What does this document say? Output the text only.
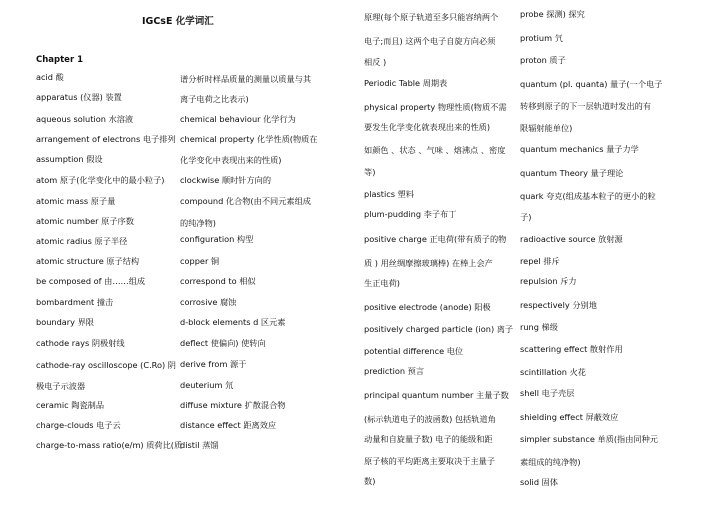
IGCsE 化学词汇
Chapter 1
acid 酸
apparatus (仪器) 装置
aqueous solution 水溶液
arrangement of electrons 电子排列
assumption 假设
atom 原子(化学变化中的最小粒子)
atomic mass 原子量
atomic number 原子序数
atomic radius 原子半径
atomic structure 原子结构
be composed of 由……组成
bombardment 撞击
boundary 界限
cathode rays 阴极射线
cathode-ray oscilloscope (C.Ro) 阴
极电子示波器
ceramic 陶瓷制品
charge-clouds 电子云
charge-to-mass ratio(e/m) 质荷比(质
谱分析时样品质量的测量以质量与其
离子电荷之比表示)
chemical behaviour 化学行为
chemical property 化学性质(物质在
化学变化中表现出来的性质)
clockwise 顺时针方向的
compound 化合物(由不同元素组成
的纯净物)
configuration 构型
copper 铜
correspond to 相似
corrosive 腐蚀
d-block elements d 区元素
deflect 使偏向) 使转向
derive from 源于
deuterium 氘
diffuse mixture 扩散混合物
distance effect 距离效应
distil 蒸馏
原理(每个原子轨道至多只能容纳两个
电子;而且) 这两个电子自旋方向必须
相反 )
Periodic Table 周期表
physical property 物理性质(物质不需
要发生化学变化就表现出来的性质)
如颜色 、状态 、气味 、熔沸点 、密度
等)
plastics 塑料
plum-pudding 李子布丁
positive charge 正电荷(带有质子的物
质 ) 用丝绸摩擦玻璃棒) 在棒上会产
生正电荷)
positive electrode (anode) 阳极
positively charged particle (ion) 离子
potential difference 电位
prediction 预言
principal quantum number 主量子数
(标示轨道电子的波函数) 包括轨道角
动量和自旋量子数) 电子的能级和距
原子核的平均距离主要取决于主量子
数)
probe 探测) 探究
protium 氕
proton 质子
quantum (pl. quanta) 量子(一个电子
转移到原子的下一层轨道时发出的有
限辐射能单位)
quantum mechanics 量子力学
quantum Theory 量子理论
quark 夸克(组成基本粒子的更小的粒
子)
radioactive source 放射源
repel 排斥
repulsion 斥力
respectively 分别地
rung 梯级
scattering effect 散射作用
scintillation 火花
shell 电子壳层
shielding effect 屏蔽效应
simpler substance 单质(指由同种元
素组成的纯净物)
solid 固体
